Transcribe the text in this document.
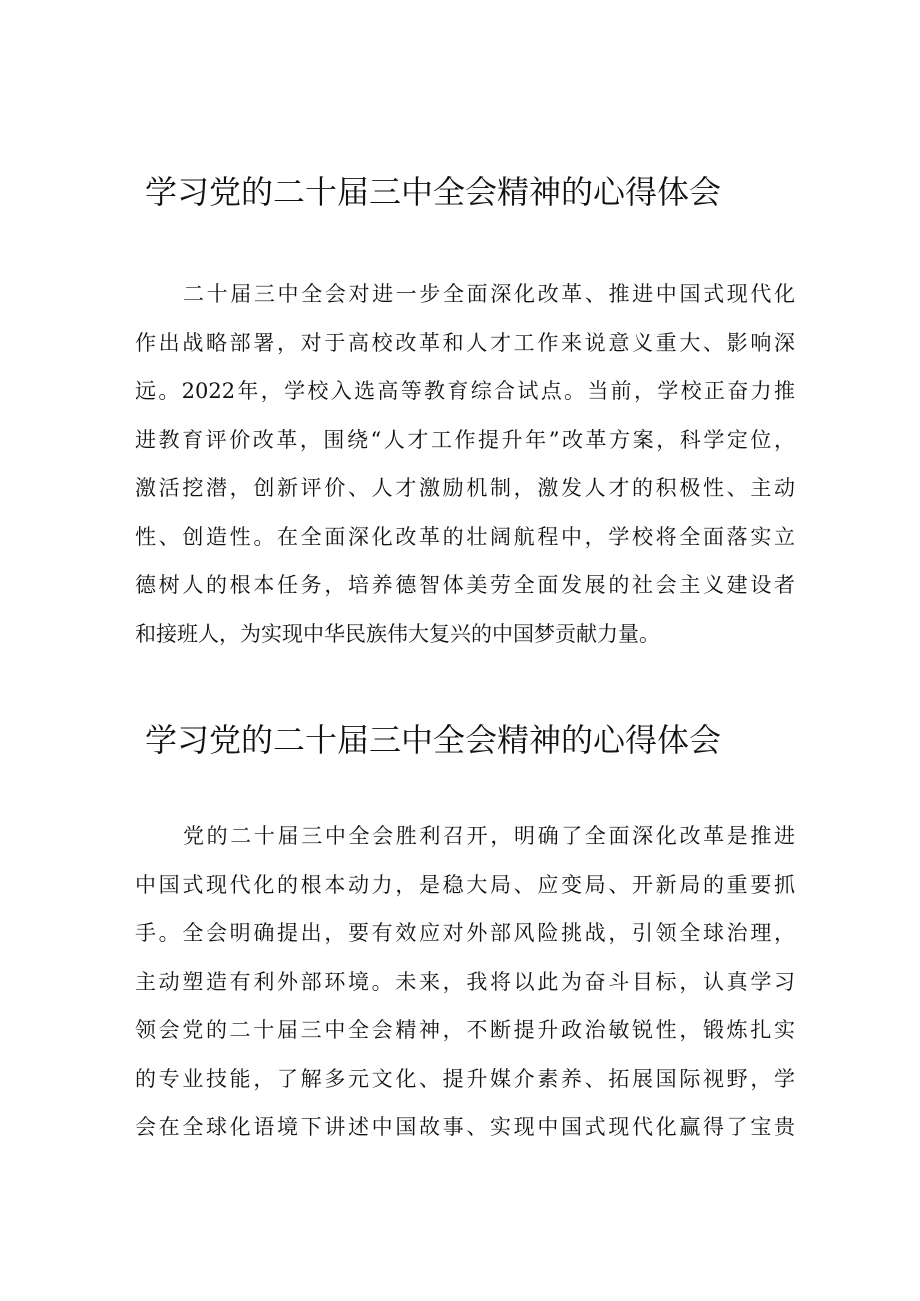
学习党的二十届三中全会精神的心得体会
二十届三中全会对进一步全面深化改革、推进中国式现代化
作出战略部署，对于高校改革和人才工作来说意义重大、影响深
远。2022年，学校入选高等教育综合试点。当前，学校正奋力推
进教育评价改革，围绕“人才工作提升年”改革方案，科学定位，
激活挖潜，创新评价、人才激励机制，激发人才的积极性、主动
性、创造性。在全面深化改革的壮阔航程中，学校将全面落实立
德树人的根本任务，培养德智体美劳全面发展的社会主义建设者
和接班人，为实现中华民族伟大复兴的中国梦贡献力量。
学习党的二十届三中全会精神的心得体会
党的二十届三中全会胜利召开，明确了全面深化改革是推进
中国式现代化的根本动力，是稳大局、应变局、开新局的重要抓
手。全会明确提出，要有效应对外部风险挑战，引领全球治理，
主动塑造有利外部环境。未来，我将以此为奋斗目标，认真学习
领会党的二十届三中全会精神，不断提升政治敏锐性，锻炼扎实
的专业技能，了解多元文化、提升媒介素养、拓展国际视野，学
会在全球化语境下讲述中国故事、实现中国式现代化赢得了宝贵
